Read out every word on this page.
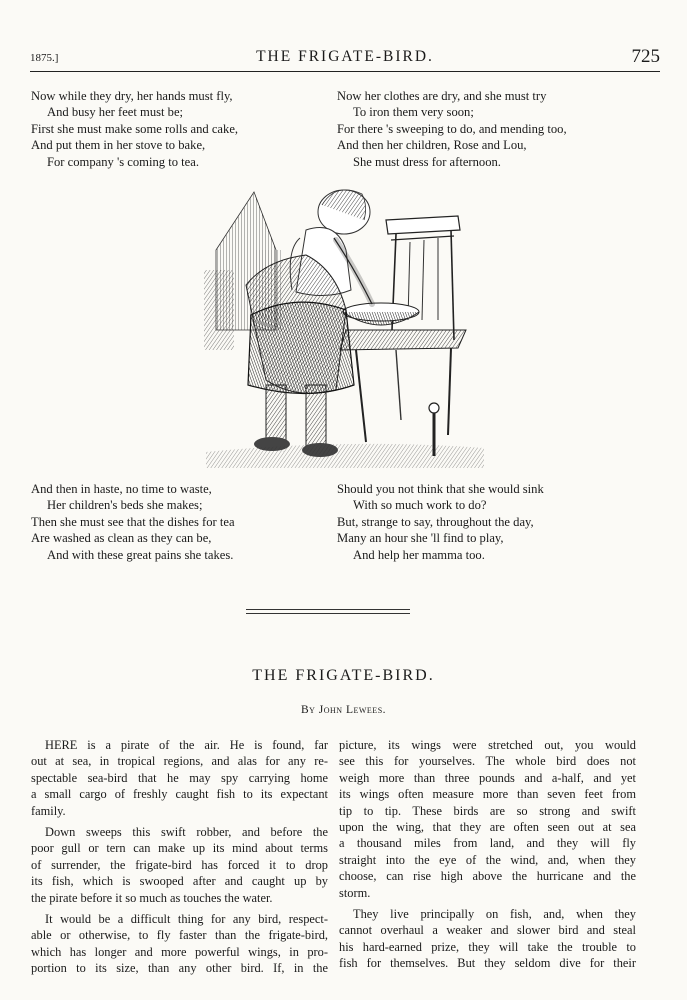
1875.]	THE FRIGATE-BIRD.	725
Now while they dry, her hands must fly,
And busy her feet must be;
First she must make some rolls and cake,
And put them in her stove to bake,
For company 's coming to tea.
Now her clothes are dry, and she must try
To iron them very soon;
For there 's sweeping to do, and mending too,
And then her children, Rose and Lou,
She must dress for afternoon.
And then in haste, no time to waste,
Her children's beds she makes;
Then she must see that the dishes for tea
Are washed as clean as they can be,
And with these great pains she takes.
Should you not think that she would sink
With so much work to do?
But, strange to say, throughout the day,
Many an hour she 'll find to play,
And help her mamma too.
THE FRIGATE-BIRD.
By John Lewees.

HERE is a pirate of the air. He is found, far
out at sea, in tropical regions, and alas for any re-
spectable sea-bird that he may spy carrying home
a small cargo of freshly caught fish to its expectant
family.

Down sweeps this swift robber, and before the
poor gull or tern can make up its mind about terms
of surrender, the frigate-bird has forced it to drop
its fish, which is swooped after and caught up by
the pirate before it so much as touches the water.

It would be a difficult thing for any bird, respect-
able or otherwise, to fly faster than the frigate-bird,
which has longer and more powerful wings, in pro-
portion to its size, than any other bird. If, in the

picture, its wings were stretched out, you would
see this for yourselves. The whole bird does not
weigh more than three pounds and a-half, and yet
its wings often measure more than seven feet from
tip to tip. These birds are so strong and swift
upon the wing, that they are often seen out at sea
a thousand miles from land, and they will fly
straight into the eye of the wind, and, when they
choose, can rise high above the hurricane and the
storm.

They live principally on fish, and, when they
cannot overhaul a weaker and slower bird and steal
his hard-earned prize, they will take the trouble to
fish for themselves. But they seldom dive for their
